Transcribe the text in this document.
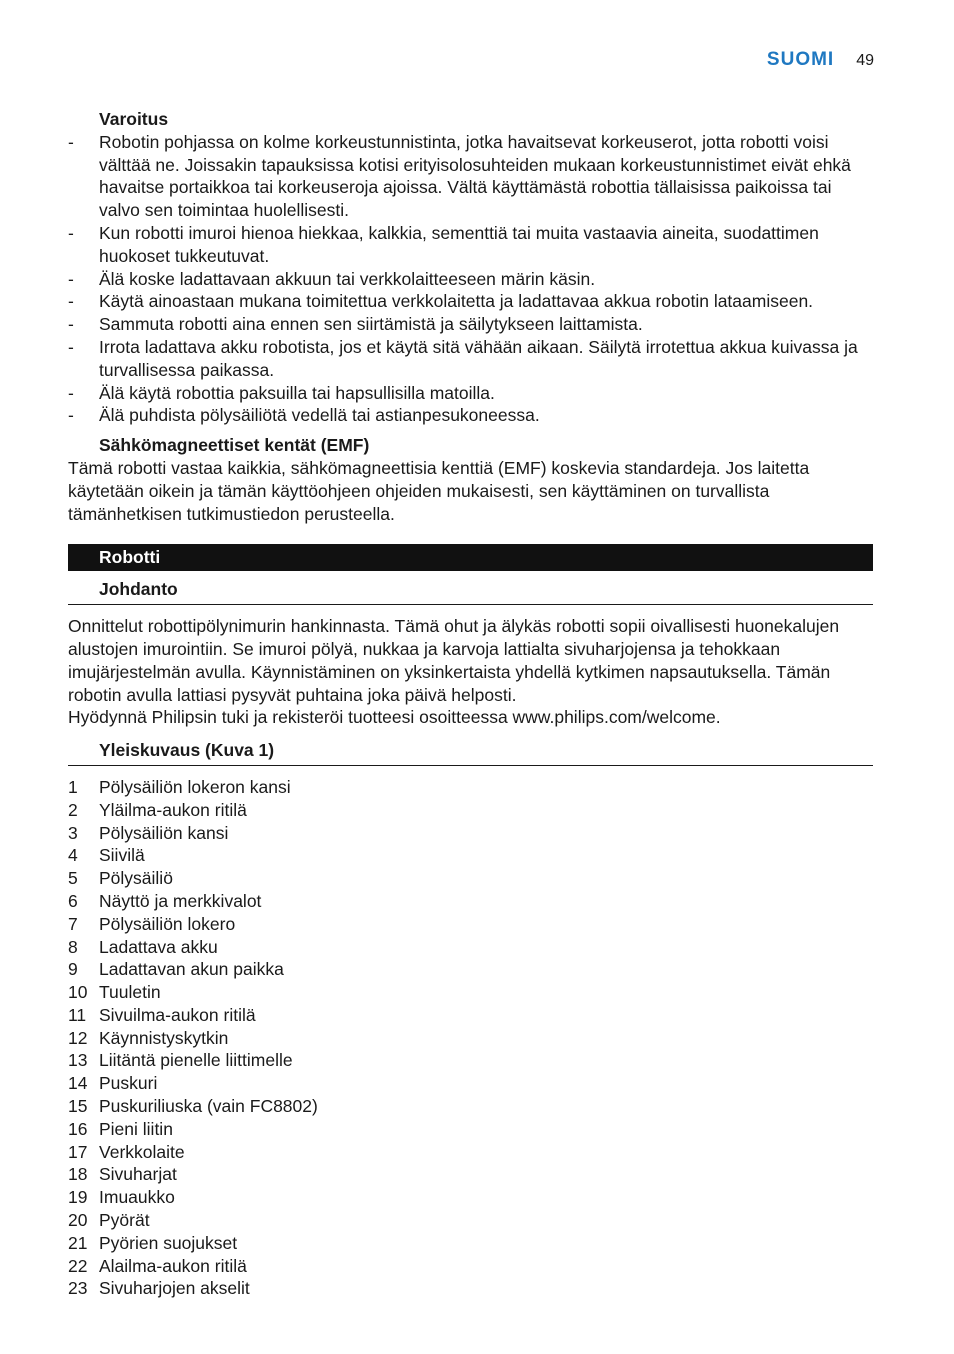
SUOMI 49
Varoitus
- Robotin pohjassa on kolme korkeustunnistinta, jotka havaitsevat korkeuserot, jotta robotti voisi välttää ne. Joissakin tapauksissa kotisi erityisolosuhteiden mukaan korkeustunnistimet eivät ehkä havaitse portaikkoa tai korkeuseroja ajoissa. Vältä käyttämästä robottia tällaisissa paikoissa tai valvo sen toimintaa huolellisesti.
- Kun robotti imuroi hienoa hiekkaa, kalkkia, sementtiä tai muita vastaavia aineita, suodattimen huokoset tukkeutuvat.
- Älä koske ladattavaan akkuun tai verkkolaitteeseen märin käsin.
- Käytä ainoastaan mukana toimitettua verkkolaitetta ja ladattavaa akkua robotin lataamiseen.
- Sammuta robotti aina ennen sen siirtämistä ja säilytykseen laittamista.
- Irrota ladattava akku robotista, jos et käytä sitä vähään aikaan. Säilytä irrotettua akkua kuivassa ja turvallisessa paikassa.
- Älä käytä robottia paksuilla tai hapsullisilla matoilla.
- Älä puhdista pölysäiliötä vedellä tai astianpesukoneessa.
Sähkömagneettiset kentät (EMF)

Tämä robotti vastaa kaikkia, sähkömagneettisia kenttiä (EMF) koskevia standardeja. Jos laitetta käytetään oikein ja tämän käyttöohjeen ohjeiden mukaisesti, sen käyttäminen on turvallista tämänhetkisen tutkimustiedon perusteella.

Robotti
Johdanto

Onnittelut robottipölynimurin hankinnasta. Tämä ohut ja älykäs robotti sopii oivallisesti huonekalujen alustojen imurointiin. Se imuroi pölyä, nukkaa ja karvoja lattialta sivuharjojensa ja tehokkaan imujärjestelmän avulla. Käynnistäminen on yksinkertaista yhdellä kytkimen napsautuksella. Tämän robotin avulla lattiasi pysyvät puhtaina joka päivä helposti.

Hyödynnä Philipsin tuki ja rekisteröi tuotteesi osoitteessa www.philips.com/welcome.

Yleiskuvaus (Kuva 1)
1 Pölysäiliön lokeron kansi
2 Yläilma-aukon ritilä
3 Pölysäiliön kansi
4 Siivilä
5 Pölysäiliö
6 Näyttö ja merkkivalot
7 Pölysäiliön lokero
8 Ladattava akku
9 Ladattavan akun paikka
10 Tuuletin
11 Sivuilma-aukon ritilä
12 Käynnistyskytkin
13 Liitäntä pienelle liittimelle
14 Puskuri
15 Puskuriliuska (vain FC8802)
16 Pieni liitin
17 Verkkolaite
18 Sivuharjat
19 Imuaukko
20 Pyörät
21 Pyörien suojukset
22 Alailma-aukon ritilä
23 Sivuharjojen akselit
